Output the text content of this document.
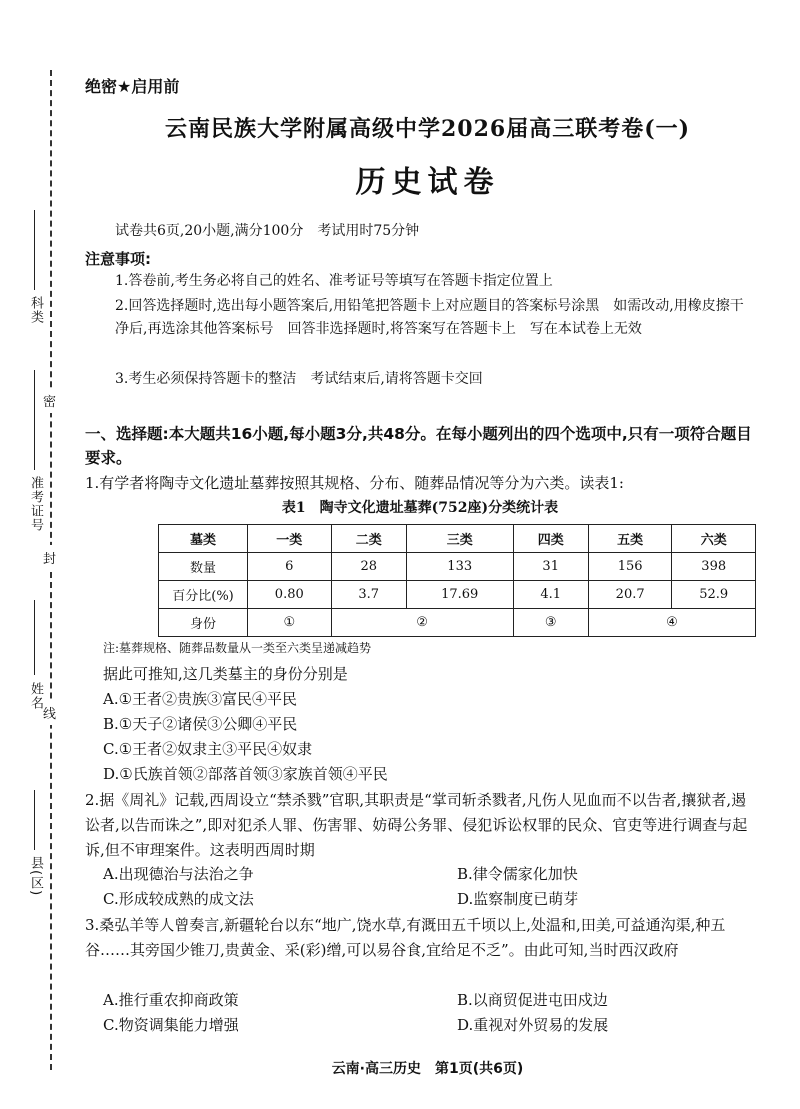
密
封
线
科类
准考证号
姓名
县(区)
绝密★启用前
云南民族大学附属高级中学2026届高三联考卷(一)
历史试卷
试卷共6页,20小题,满分100分　考试用时75分钟
注意事项:
1.答卷前,考生务必将自己的姓名、准考证号等填写在答题卡指定位置上
2.回答选择题时,选出每小题答案后,用铅笔把答题卡上对应题目的答案标号涂黑　如需改动,用橡皮擦干净后,再选涂其他答案标号　回答非选择题时,将答案写在答题卡上　写在本试卷上无效
3.考生必须保持答题卡的整洁　考试结束后,请将答题卡交回
一、选择题:本大题共16小题,每小题3分,共48分。在每小题列出的四个选项中,只有一项符合题目要求。
1.有学者将陶寺文化遗址墓葬按照其规格、分布、随葬品情况等分为六类。读表1:
表1　陶寺文化遗址墓葬(752座)分类统计表
墓类	一类	二类	三类	四类	五类	六类
数量	6	28	133	31	156	398
百分比(%)	0.80	3.7	17.69	4.1	20.7	52.9
身份	①	②		③	④	
注:墓葬规格、随葬品数量从一类至六类呈递减趋势
据此可推知,这几类墓主的身份分别是
A.①王者②贵族③富民④平民
B.①天子②诸侯③公卿④平民
C.①王者②奴隶主③平民④奴隶
D.①氏族首领②部落首领③家族首领④平民
2.据《周礼》记载,西周设立“禁杀戮”官职,其职责是“掌司斩杀戮者,凡伤人见血而不以告者,攘狱者,遏讼者,以告而诛之”,即对犯杀人罪、伤害罪、妨碍公务罪、侵犯诉讼权罪的民众、官吏等进行调查与起诉,但不审理案件。这表明西周时期
A.出现德治与法治之争	B.律令儒家化加快
C.形成较成熟的成文法	D.监察制度已萌芽
3.桑弘羊等人曾奏言,新疆轮台以东“地广,饶水草,有溉田五千顷以上,处温和,田美,可益通沟渠,种五谷……其旁国少锥刀,贵黄金、采(彩)缯,可以易谷食,宜给足不乏”。由此可知,当时西汉政府
A.推行重农抑商政策	B.以商贸促进屯田戍边
C.物资调集能力增强	D.重视对外贸易的发展
云南·高三历史　第1页(共6页)
